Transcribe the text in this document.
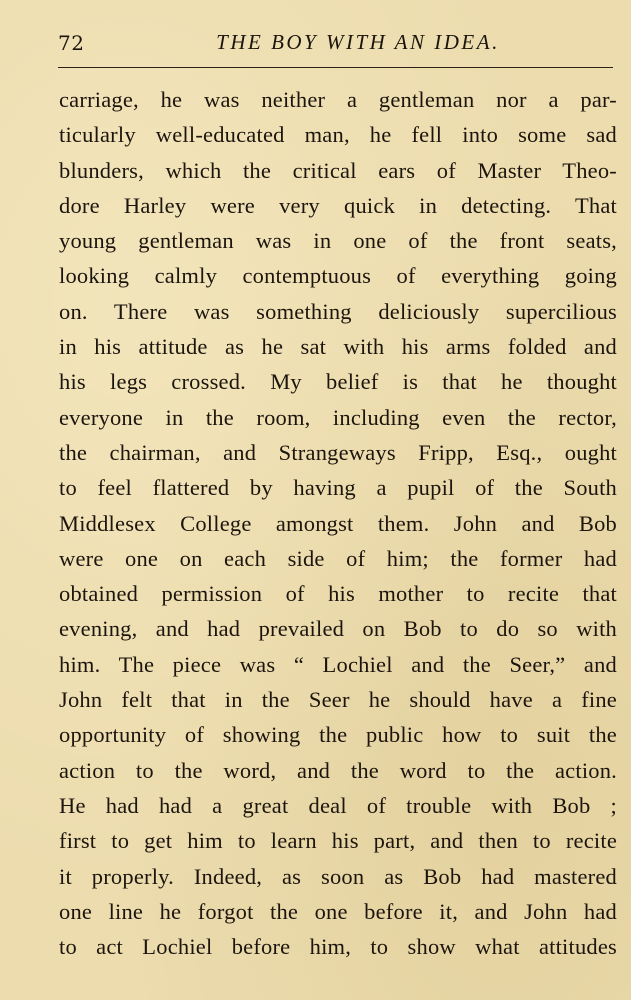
72	THE BOY WITH AN IDEA.
carriage, he was neither a gentleman nor a par-
ticularly well-educated man, he fell into some sad
blunders, which the critical ears of Master Theo-
dore Harley were very quick in detecting. That
young gentleman was in one of the front seats,
looking calmly contemptuous of everything going
on. There was something deliciously supercilious
in his attitude as he sat with his arms folded and
his legs crossed. My belief is that he thought
everyone in the room, including even the rector,
the chairman, and Strangeways Fripp, Esq., ought
to feel flattered by having a pupil of the South
Middlesex College amongst them. John and Bob
were one on each side of him; the former had
obtained permission of his mother to recite that
evening, and had prevailed on Bob to do so with
him. The piece was “ Lochiel and the Seer,” and
John felt that in the Seer he should have a fine
opportunity of showing the public how to suit the
action to the word, and the word to the action.
He had had a great deal of trouble with Bob ;
first to get him to learn his part, and then to recite
it properly. Indeed, as soon as Bob had mastered
one line he forgot the one before it, and John had
to act Lochiel before him, to show what attitudes
